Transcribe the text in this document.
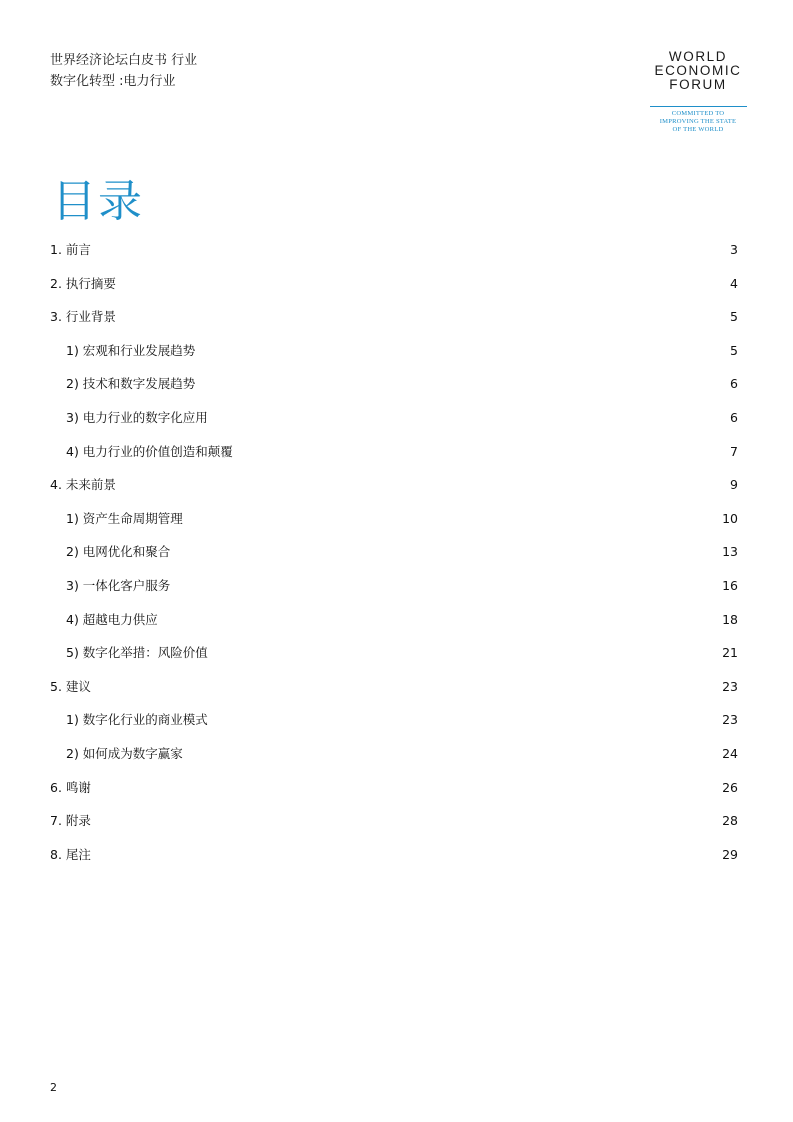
世界经济论坛白皮书 行业
数字化转型 :电力行业
WORLD
ECONOMIC
FORUM
COMMITTED TO
IMPROVING THE STATE
OF THE WORLD
目录
1. 前言	3
2. 执行摘要	4
3. 行业背景	5
1) 宏观和行业发展趋势	5
2) 技术和数字发展趋势	6
3) 电力行业的数字化应用	6
4) 电力行业的价值创造和颠覆	7
4. 未来前景	9
1) 资产生命周期管理	10
2) 电网优化和聚合	13
3) 一体化客户服务	16
4) 超越电力供应	18
5) 数字化举措：风险价值	21
5. 建议	23
1) 数字化行业的商业模式	23
2) 如何成为数字赢家	24
6. 鸣谢	26
7. 附录	28
8. 尾注	29
2
